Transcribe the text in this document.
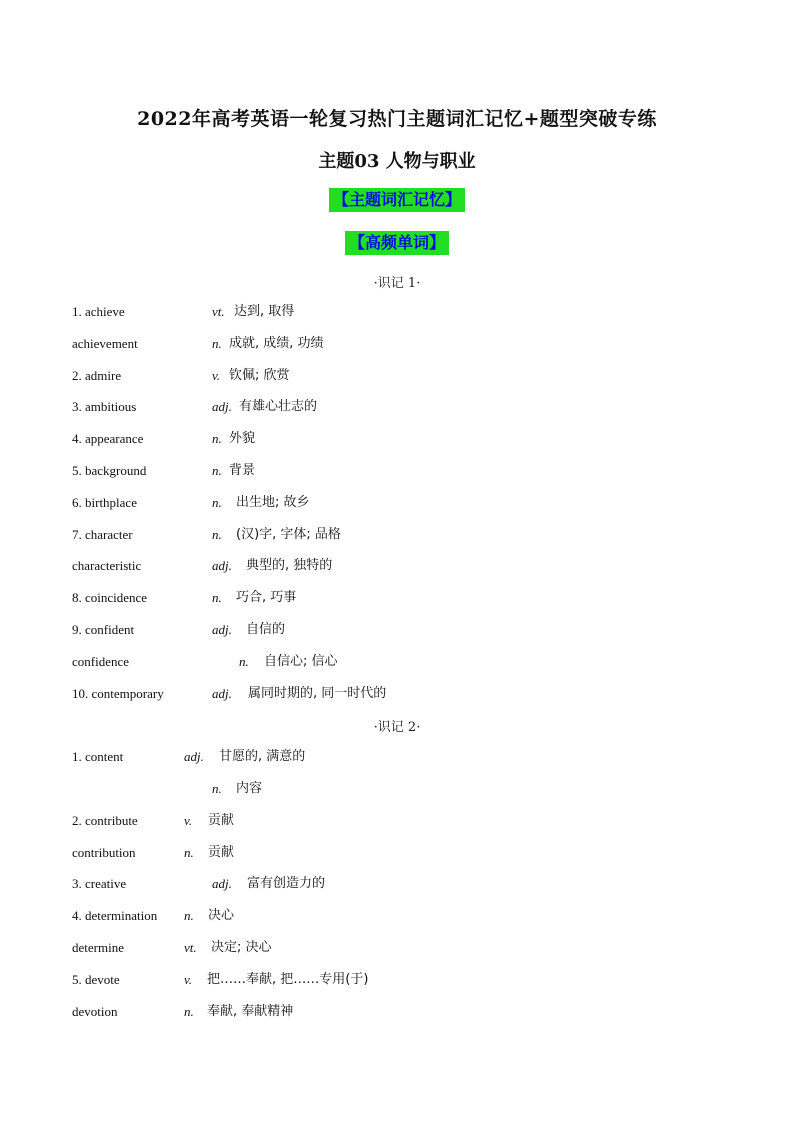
2022年高考英语一轮复习热门主题词汇记忆+题型突破专练
主题03 人物与职业
【主题词汇记忆】
【高频单词】
·识记 1·
1. achieve	vt. 达到, 取得
achievement	n. 成就, 成绩, 功绩
2. admire	v. 钦佩; 欣赏
3. ambitious	adj. 有雄心壮志的
4. appearance	n. 外貌
5. background	n. 背景
6. birthplace	n. 出生地; 故乡
7. character	n. (汉)字, 字体; 品格
characteristic	adj. 典型的, 独特的
8. coincidence	n. 巧合, 巧事
9. confident	adj. 自信的
confidence	n. 自信心; 信心
10. contemporary	adj. 属同时期的, 同一时代的
·识记 2·
1. content	adj. 甘愿的, 满意的
n. 内容
2. contribute	v. 贡献
contribution	n. 贡献
3. creative	adj. 富有创造力的
4. determination n. 决心
determine	vt. 决定; 决心
5. devote	v. 把……奉献, 把……专用(于)
devotion	n. 奉献, 奉献精神
